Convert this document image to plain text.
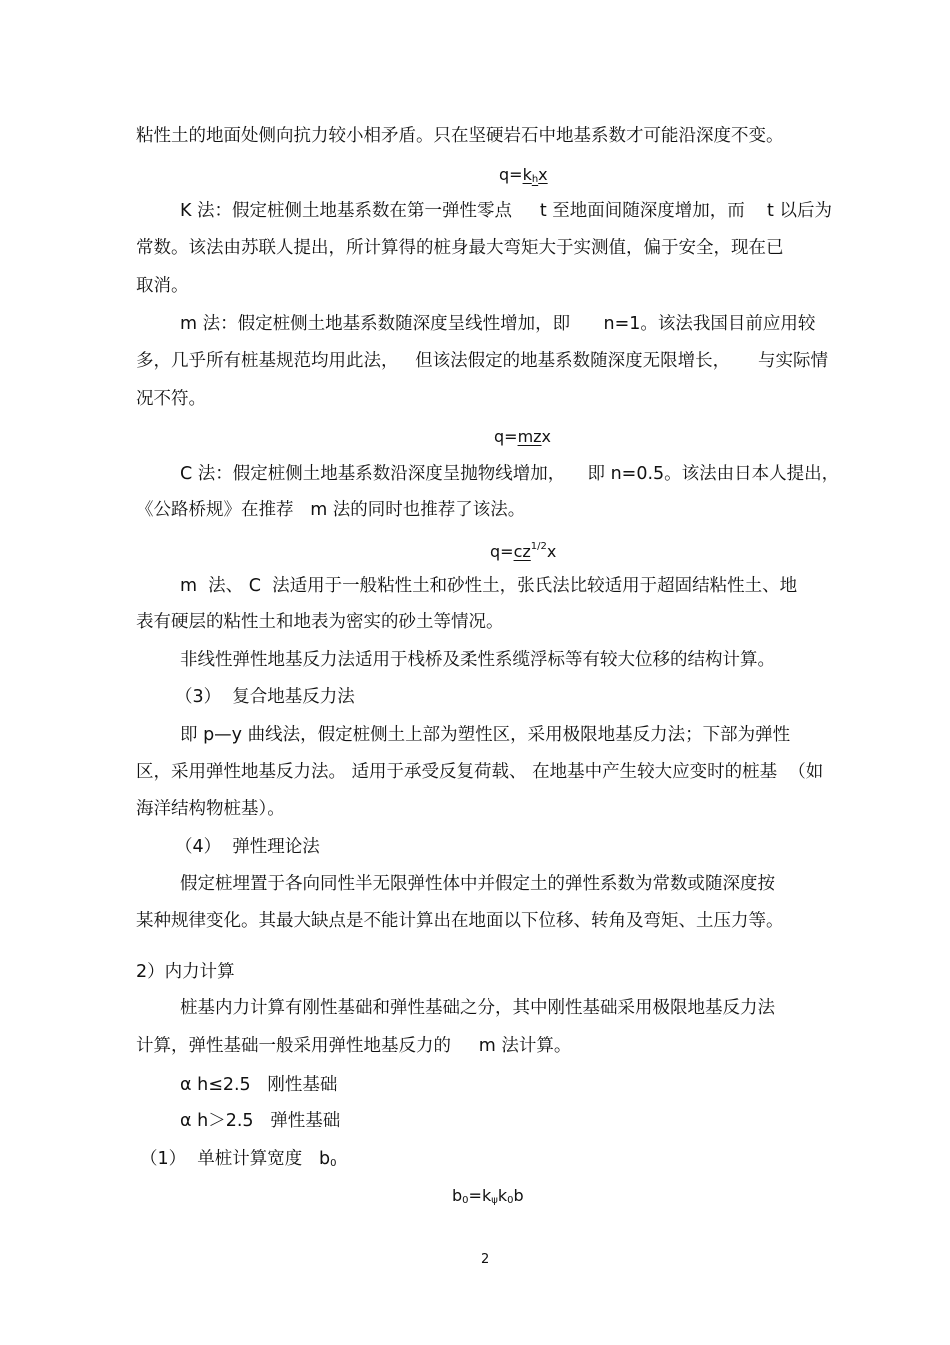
粘性土的地面处侧向抗力较小相矛盾。只在坚硬岩石中地基系数才可能沿深度不变。
$q=k_hx$
K 法：假定桩侧土地基系数在第一弹性零点     t 至地面间随深度增加，而    t 以后为
常数。该法由苏联人提出，所计算得的桩身最大弯矩大于实测值，偏于安全，现在已
取消。
m 法：假定桩侧土地基系数随深度呈线性增加，即      n=1。该法我国目前应用较
多，几乎所有桩基规范均用此法，   但该法假定的地基系数随深度无限增长，     与实际情
况不符。
q=mzx
C 法：假定桩侧土地基系数沿深度呈抛物线增加，    即 n=0.5。该法由日本人提出，
《公路桥规》在推荐   m 法的同时也推荐了该法。
$q=cz^{1/2}x$
m  法、 C  法适用于一般粘性土和砂性土，张氏法比较适用于超固结粘性土、地
表有硬层的粘性土和地表为密实的砂土等情况。
非线性弹性地基反力法适用于栈桥及柔性系缆浮标等有较大位移的结构计算。
（3）  复合地基反力法
即 p—y 曲线法，假定桩侧土上部为塑性区，采用极限地基反力法；下部为弹性
区，采用弹性地基反力法。 适用于承受反复荷载、 在地基中产生较大应变时的桩基  （如
海洋结构物桩基）。
（4）  弹性理论法
假定桩埋置于各向同性半无限弹性体中并假定土的弹性系数为常数或随深度按
某种规律变化。其最大缺点是不能计算出在地面以下位移、转角及弯矩、土压力等。
2）内力计算
桩基内力计算有刚性基础和弹性基础之分，其中刚性基础采用极限地基反力法
计算，弹性基础一般采用弹性地基反力的     m 法计算。
α h≤2.5   刚性基础
α h＞2.5   弹性基础
（1）  单桩计算宽度   $b_0$
$b_0=k_\psi k_0b$
2
